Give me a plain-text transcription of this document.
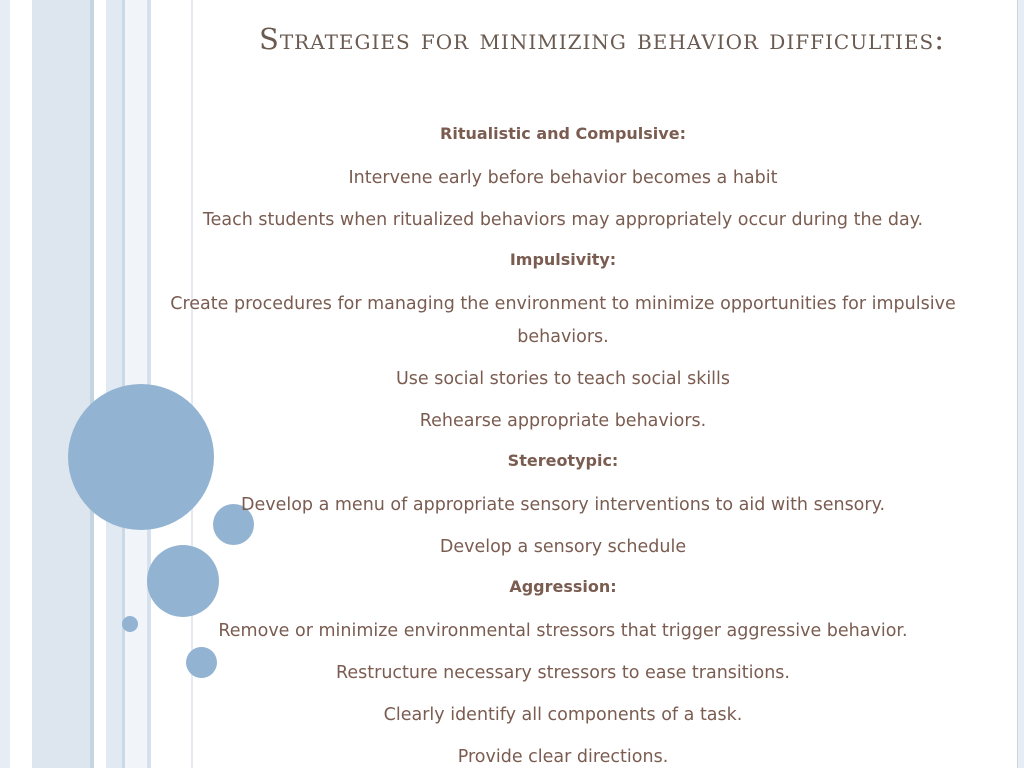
Strategies for minimizing behavior difficulties:
Ritualistic and Compulsive:
Intervene early before behavior becomes a habit
Teach students when ritualized behaviors may appropriately occur during the day.
Impulsivity:
Create procedures for managing the environment to minimize opportunities for impulsive behaviors.
Use social stories to teach social skills
Rehearse appropriate behaviors.
Stereotypic:
Develop a menu of appropriate sensory interventions to aid with sensory.
Develop a sensory schedule
Aggression:
Remove or minimize environmental stressors that trigger aggressive behavior.
Restructure necessary stressors to ease transitions.
Clearly identify all components of a task.
Provide clear directions.
